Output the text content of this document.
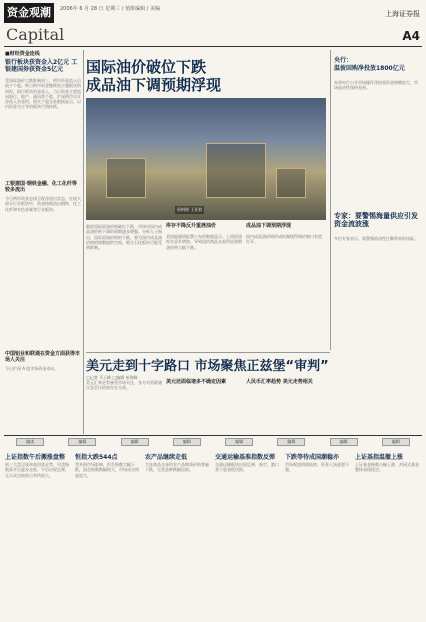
资金观潮
Capital
2006年 6 月 28 日 星期三 / 值班编辑 / 美编
上海证券报
A4
■财经资金连线
银行板块获资金入2亿元 工银建国券获资金5亿元
受国际油价大跌影响周三，相对资金流入后较少个股。昨日两市资金继续较主题板块的同时，银行板块资金流入。当日资金主要流向银行、地产、通讯类个股，沪深两市合计净流入资金约。相关个股交易数据显示，以内资金为主导的板块行情持续。
工银建国·钢铁金融、化工化纤等较多流出
今日两市资金总体呈现净流出状态，在较大部分行业板块中，资金持续流出钢铁、化工化纤和有色金属等行业板块。
中国铝业和联通在资金方面获得市场人关注
今日沪深 A 股市场资金动向。
国际油价破位下跌
成品油下调预期浮现
资料图 王亚伯
隔夜国际原油价格破位下跌，市场对国内成品油价格下调的预期逐步增强。分析人士指出，国际原油价格的下跌，将为国内成品油价格的调整提供空间，相关石化板块可能受到影响。
库存不降反升重挫油价
美国能源情报署公布的数据显示，上周原油库存意外增加，导致纽约商品交易所原油期货价格大幅下跌。
成品油下调预期浮现
国内成品油价格形成机制使得调价窗口有望打开。
央行：
温彼回购净投放1800亿元
本周央行公开市场操作净投放资金规模较大，市场流动性保持充裕。
专家：要警惕海量供应引发资金流波涨
多位专家表示，需警惕流动性过剩带来的风险。
美元走到十字路口 市场聚焦正兹堡“审判”
□记者 马王峰 □编辑 单海峰
美元汇率走势备受市场关注，各方对美联储议息会议结果存在分歧。
美元还面临诸多不确定因素	人民币汇率趋势 美元走势相关
编读	编辑	编辑	编辑	编辑	编辑	编辑	编辑
上证指数午后搬涨盘整
周三大盘呈现冲高回落走势，早盘指数高开后逐步走低，午后出现反弹，全天成交较前日有所放大。
恒指大跌544点
受外围市场影响，恒生指数大幅下跌，国企指数跌幅较大，市场成交明显放大。
农产品继续走低
大连商品交易所农产品期货价格普遍下跌，豆类品种跌幅居前。
交通运输基准指数反弹
交通运输板块出现反弹，航空、港口类个股表现活跃。
下跌等待成国潮稳亦
市场观望情绪较浓，资金入场意愿不强。
上证基指温撤上涨
上证基金指数小幅上涨，封闭式基金整体表现稳定。
